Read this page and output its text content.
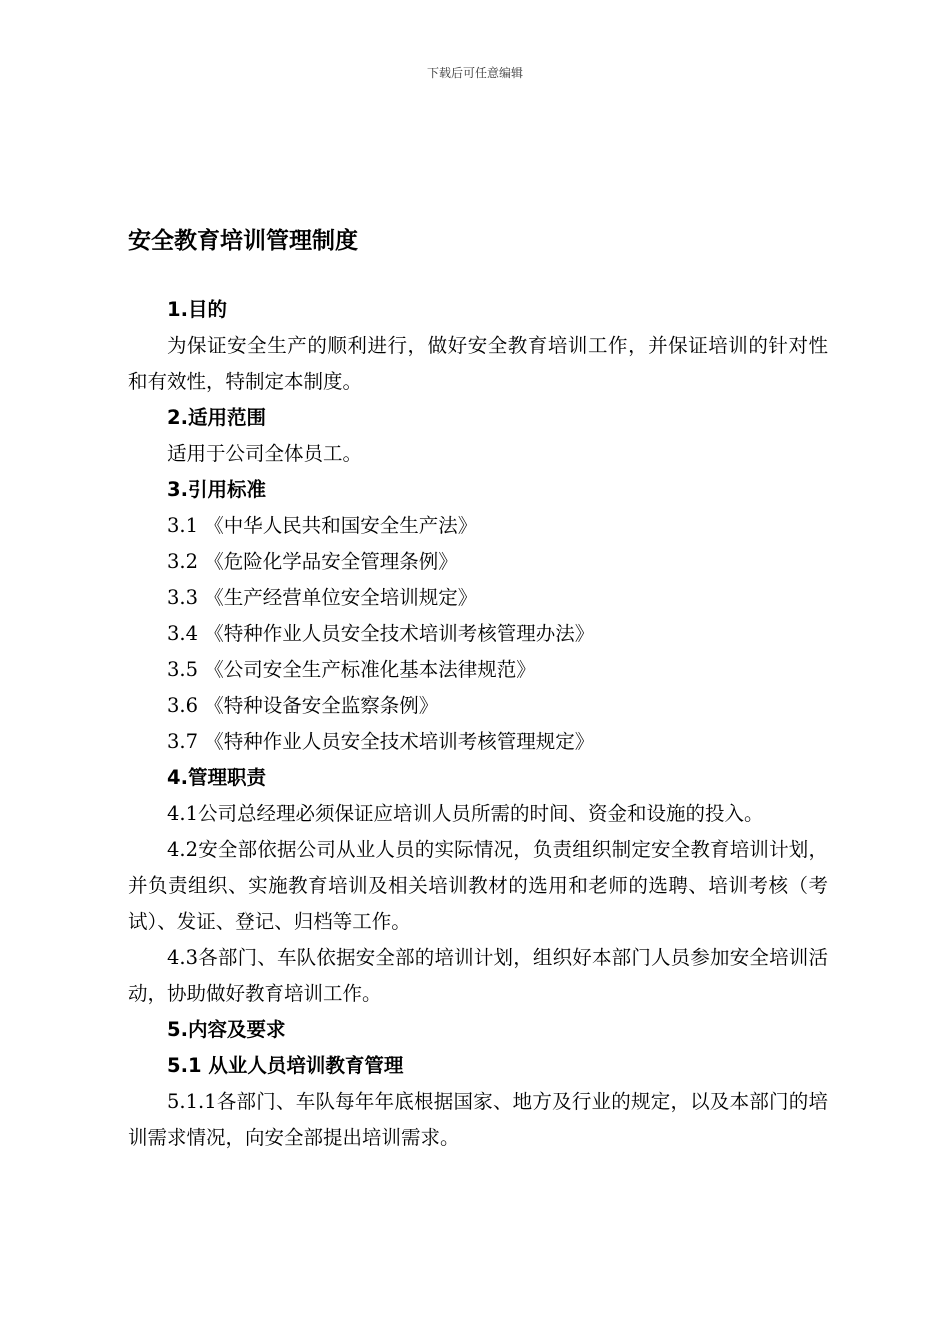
下载后可任意编辑
安全教育培训管理制度

1.目的

为保证安全生产的顺利进行，做好安全教育培训工作，并保证培训的针对性和有效性，特制定本制度。

2.适用范围

适用于公司全体员工。

3.引用标准

3.1 《中华人民共和国安全生产法》

3.2 《危险化学品安全管理条例》

3.3 《生产经营单位安全培训规定》

3.4 《特种作业人员安全技术培训考核管理办法》

3.5 《公司安全生产标准化基本法律规范》

3.6 《特种设备安全监察条例》

3.7 《特种作业人员安全技术培训考核管理规定》

4.管理职责

4.1公司总经理必须保证应培训人员所需的时间、资金和设施的投入。

4.2安全部依据公司从业人员的实际情况，负责组织制定安全教育培训计划，并负责组织、实施教育培训及相关培训教材的选用和老师的选聘、培训考核（考试）、发证、登记、归档等工作。

4.3各部门、车队依据安全部的培训计划，组织好本部门人员参加安全培训活动，协助做好教育培训工作。

5.内容及要求

5.1 从业人员培训教育管理

5.1.1各部门、车队每年年底根据国家、地方及行业的规定，以及本部门的培训需求情况，向安全部提出培训需求。
